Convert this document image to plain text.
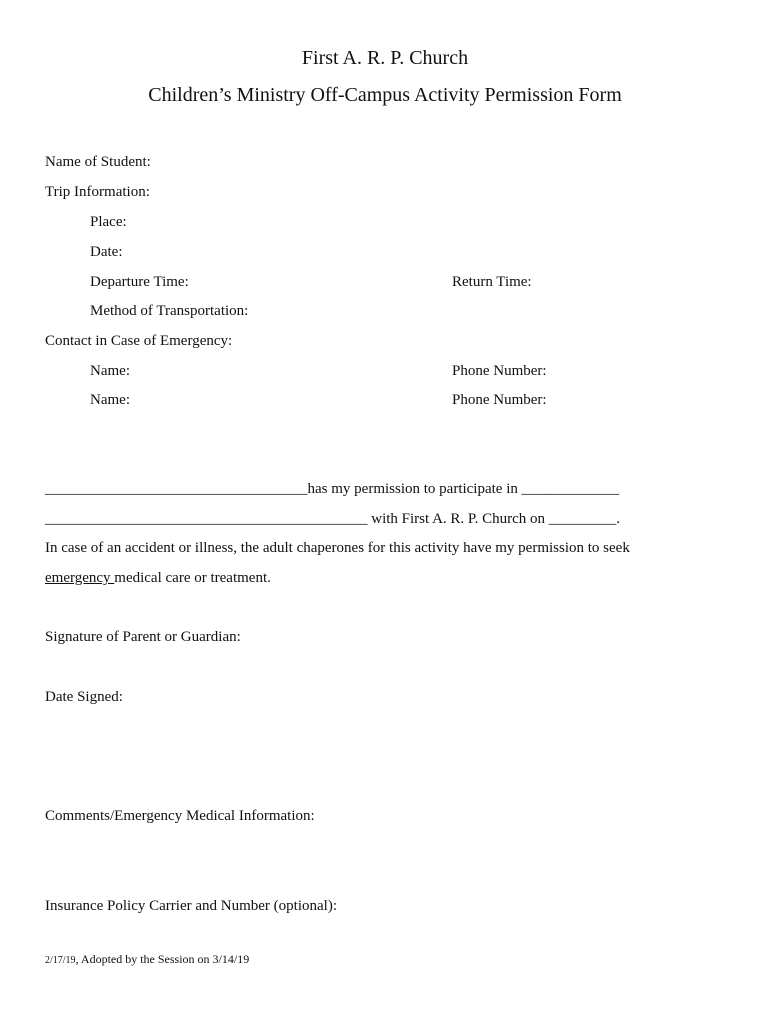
First A. R. P. Church
Children’s Ministry Off-Campus Activity Permission Form
Name of Student:
Trip Information:
Place:
Date:
Departure Time:	Return Time:
Method of Transportation:
Contact in Case of Emergency:
Name:	Phone Number:
Name:	Phone Number:
___________________________________has my permission to participate in _____________
___________________________________________ with First A. R. P. Church on _________.
In case of an accident or illness, the adult chaperones for this activity have my permission to seek
emergency medical care or treatment.
Signature of Parent or Guardian:
Date Signed:
Comments/Emergency Medical Information:
Insurance Policy Carrier and Number (optional):
2/17/19, Adopted by the Session on 3/14/19
